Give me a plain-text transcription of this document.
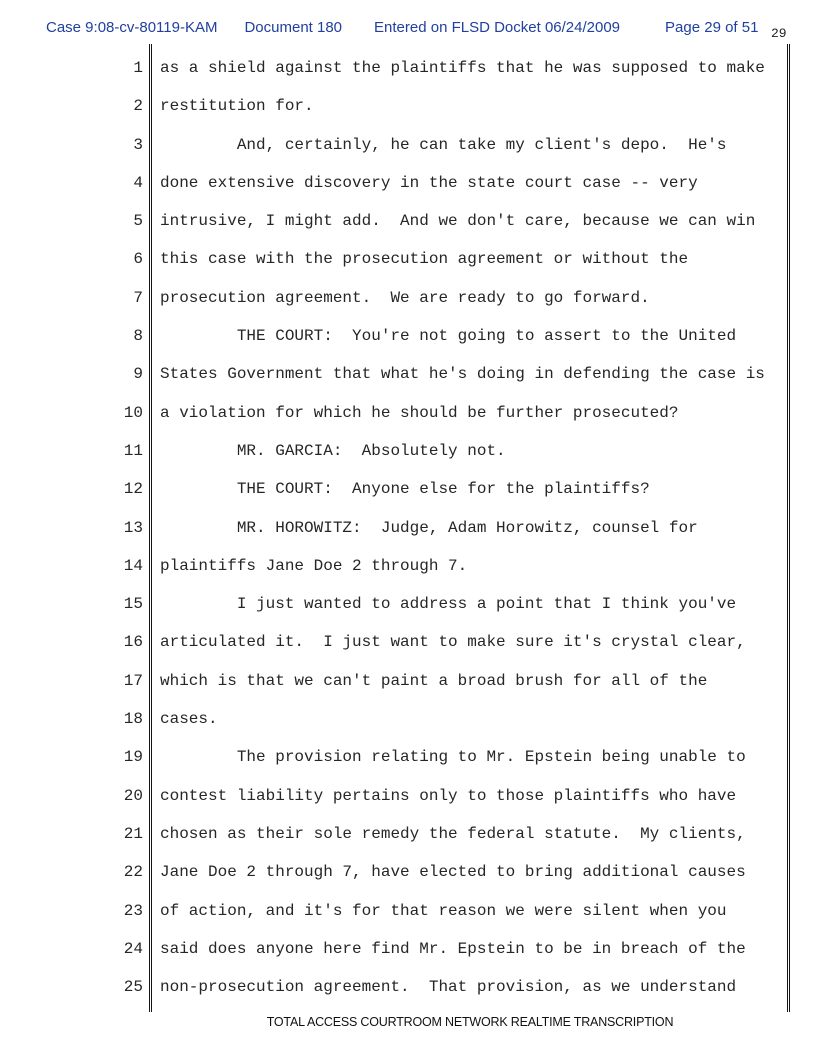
Case 9:08-cv-80119-KAM Document 180 Entered on FLSD Docket 06/24/2009	Page 29 of 51 29
1	as a shield against the plaintiffs that he was supposed to make
2	restitution for.
3	And, certainly, he can take my client's depo.  He's
4	done extensive discovery in the state court case -- very
5	intrusive, I might add.  And we don't care, because we can win
6	this case with the prosecution agreement or without the
7	prosecution agreement.  We are ready to go forward.
8	THE COURT:  You're not going to assert to the United
9	States Government that what he's doing in defending the case is
10	a violation for which he should be further prosecuted?
11	MR. GARCIA:  Absolutely not.
12	THE COURT:  Anyone else for the plaintiffs?
13	MR. HOROWITZ:  Judge, Adam Horowitz, counsel for
14	plaintiffs Jane Doe 2 through 7.
15	I just wanted to address a point that I think you've
16	articulated it.  I just want to make sure it's crystal clear,
17	which is that we can't paint a broad brush for all of the
18	cases.
19	The provision relating to Mr. Epstein being unable to
20	contest liability pertains only to those plaintiffs who have
21	chosen as their sole remedy the federal statute.  My clients,
22	Jane Doe 2 through 7, have elected to bring additional causes
23	of action, and it's for that reason we were silent when you
24	said does anyone here find Mr. Epstein to be in breach of the
25	non-prosecution agreement.  That provision, as we understand
TOTAL ACCESS COURTROOM NETWORK REALTIME TRANSCRIPTION
